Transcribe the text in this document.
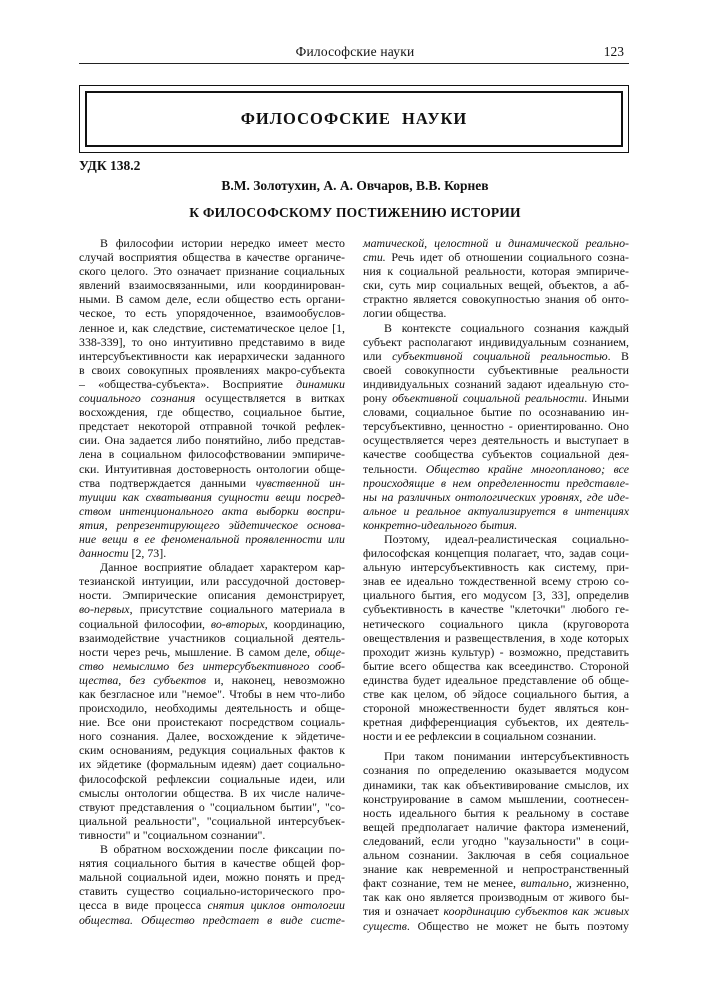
Философские науки	123
ФИЛОСОФСКИЕ НАУКИ
УДК 138.2
В.М. Золотухин, А. А. Овчаров, В.В. Корнев
К ФИЛОСОФСКОМУ ПОСТИЖЕНИЮ ИСТОРИИ
В философии истории нередко имеет место
случай восприятия общества в качестве органиче-
ского целого. Это означает признание социальных
явлений взаимосвязанными, или координирован-
ными. В самом деле, если общество есть органи-
ческое, то есть упорядоченное, взаимообуслов-
ленное и, как следствие, систематическое целое [1,
338-339], то оно интуитивно представимо в виде
интерсубъективности как иерархически заданного
в своих совокупных проявлениях макро-субъекта
– «общества-субъекта». Восприятие динамики
социального сознания осуществляется в витках
восхождения, где общество, социальное бытие,
предстает некоторой отправной точкой рефлек-
сии. Она задается либо понятийно, либо представ-
лена в социальном философствовании эмпириче-
ски. Интуитивная достоверность онтологии обще-
ства подтверждается данными чувственной ин-
туиции как схватывания сущности вещи посред-
ством интенционального акта выборки воспри-
ятия, репрезентирующего эйдетическое основа-
ние вещи в ее феноменальной проявленности или
данности [2, 73].
Данное восприятие обладает характером кар-
тезианской интуиции, или рассудочной достовер-
ности. Эмпирические описания демонстрирует,
во-первых, присутствие социального материала в
социальной философии, во-вторых, координацию,
взаимодействие участников социальной деятель-
ности через речь, мышление. В самом деле, обще-
ство немыслимо без интерсубъективного сооб-
щества, без субъектов и, наконец, невозможно
как безгласное или "немое". Чтобы в нем что-либо
происходило, необходимы деятельность и обще-
ние. Все они проистекают посредством социаль-
ного сознания. Далее, восхождение к эйдетиче-
ским основаниям, редукция социальных фактов к
их эйдетике (формальным идеям) дает социально-
философской рефлексии социальные идеи, или
смыслы онтологии общества. В их числе наличе-
ствуют представления о "социальном бытии", "со-
циальной реальности", "социальной интерсубъек-
тивности" и "социальном сознании".
В обратном восхождении после фиксации по-
нятия социального бытия в качестве общей фор-
мальной социальной идеи, можно понять и пред-
ставить существо социально-исторического про-
цесса в виде процесса снятия циклов онтологии
общества. Общество предстает в виде систе-
матической, целостной и динамической реально-
сти. Речь идет об отношении социального созна-
ния к социальной реальности, которая эмпириче-
ски, суть мир социальных вещей, объектов, а аб-
страктно является совокупностью знания об онто-
логии общества.
В контексте социального сознания каждый
субъект располагают индивидуальным сознанием,
или субъективной социальной реальностью. В
своей совокупности субъективные реальности
индивидуальных сознаний задают идеальную сто-
рону объективной социальной реальности. Иными
словами, социальное бытие по осознаванию ин-
терсубъективно, ценностно - ориентированно. Оно
осуществляется через деятельность и выступает в
качестве сообщества субъектов социальной дея-
тельности. Общество крайне многопланово; все
происходящие в нем определенности представле-
ны на различных онтологических уровнях, где иде-
альное и реальное актуализируется в интенциях
конкретно-идеального бытия.
Поэтому, идеал-реалистическая социально-
философская концепция полагает, что, задав соци-
альную интерсубъективность как систему, при-
знав ее идеально тождественной всему строю со-
циального бытия, его модусом [3, 33], определив
субъективность в качестве "клеточки" любого ге-
нетического социального цикла (круговорота
овеществления и развеществления, в ходе которых
проходит жизнь культур) - возможно, представить
бытие всего общества как всеединство. Стороной
единства будет идеальное представление об обще-
стве как целом, об эйдосе социального бытия, а
стороной множественности будет являться кон-
кретная дифференциация субъектов, их деятель-
ности и ее рефлексии в социальном сознании.
При таком понимании интерсубъективность
сознания по определению оказывается модусом
динамики, так как объективирование смыслов, их
конструирование в самом мышлении, соотнесен-
ность идеального бытия к реальному в составе
вещей предполагает наличие фактора изменений,
следований, если угодно "каузальности" в соци-
альном сознании. Заключая в себя социальное
знание как невременной и непространственный
факт сознание, тем не менее, витально, жизненно,
так как оно является производным от живого бы-
тия и означает координацию субъектов как живых
существ. Общество не может не быть поэтому
